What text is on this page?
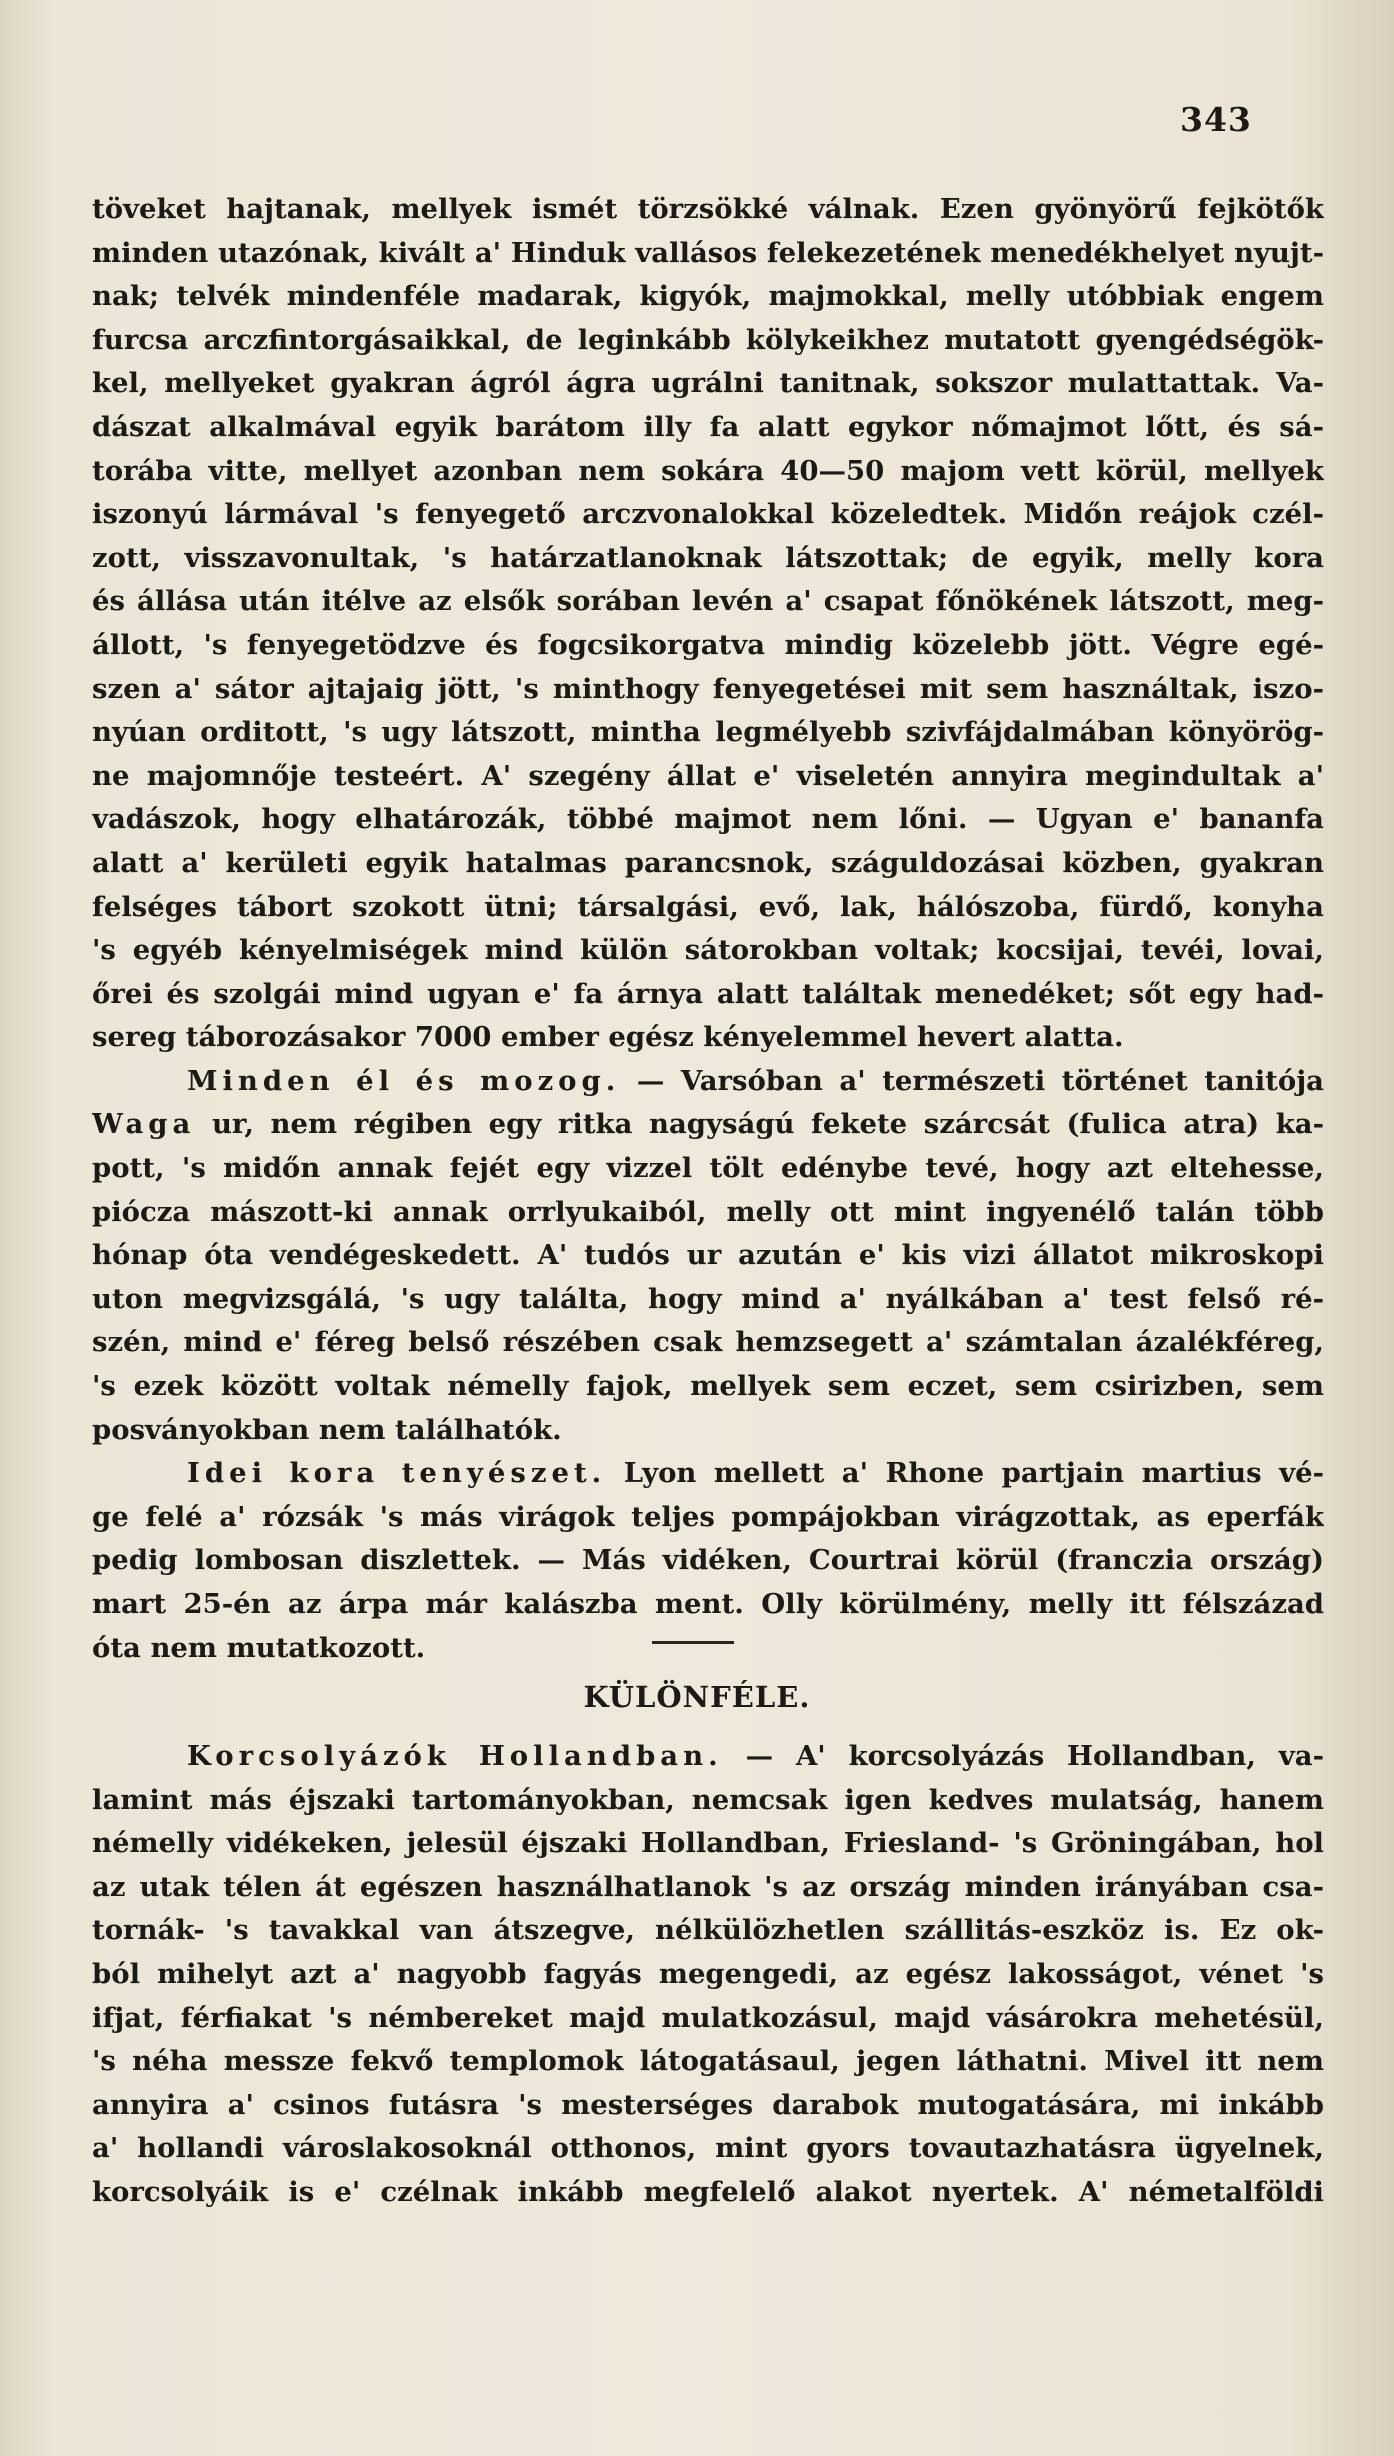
343
töveket hajtanak, mellyek ismét törzsökké válnak. Ezen gyönyörű fejkötők
minden utazónak, kivált a' Hinduk vallásos felekezetének menedékhelyet nyujt-
nak; telvék mindenféle madarak, kigyók, majmokkal, melly utóbbiak engem
furcsa arczfintorgásaikkal, de leginkább kölykeikhez mutatott gyengédségök-
kel, mellyeket gyakran ágról ágra ugrálni tanitnak, sokszor mulattattak. Va-
dászat alkalmával egyik barátom illy fa alatt egykor nőmajmot lőtt, és sá-
torába vitte, mellyet azonban nem sokára 40—50 majom vett körül, mellyek
iszonyú lármával 's fenyegető arczvonalokkal közeledtek. Midőn reájok czél-
zott, visszavonultak, 's határzatlanoknak látszottak; de egyik, melly kora
és állása után itélve az elsők sorában levén a' csapat főnökének látszott, meg-
állott, 's fenyegetödzve és fogcsikorgatva mindig közelebb jött. Végre egé-
szen a' sátor ajtajaig jött, 's minthogy fenyegetései mit sem használtak, iszo-
nyúan orditott, 's ugy látszott, mintha legmélyebb szivfájdalmában könyörög-
ne majomnője testeért. A' szegény állat e' viseletén annyira megindultak a'
vadászok, hogy elhatározák, többé majmot nem lőni. — Ugyan e' bananfa
alatt a' kerületi egyik hatalmas parancsnok, száguldozásai közben, gyakran
felséges tábort szokott ütni; társalgási, evő, lak, hálószoba, fürdő, konyha
's egyéb kényelmiségek mind külön sátorokban voltak; kocsijai, tevéi, lovai,
őrei és szolgái mind ugyan e' fa árnya alatt találtak menedéket; sőt egy had-
sereg táborozásakor 7000 ember egész kényelemmel hevert alatta.
Minden él és mozog. — Varsóban a' természeti történet tanitója
Waga ur, nem régiben egy ritka nagyságú fekete szárcsát (fulica atra) ka-
pott, 's midőn annak fejét egy vizzel tölt edénybe tevé, hogy azt eltehesse,
piócza mászott-ki annak orrlyukaiból, melly ott mint ingyenélő talán több
hónap óta vendégeskedett. A' tudós ur azután e' kis vizi állatot mikroskopi
uton megvizsgálá, 's ugy találta, hogy mind a' nyálkában a' test felső ré-
szén, mind e' féreg belső részében csak hemzsegett a' számtalan ázalékféreg,
's ezek között voltak némelly fajok, mellyek sem eczet, sem csirizben, sem
posványokban nem találhatók.
Idei kora tenyészet. Lyon mellett a' Rhone partjain martius vé-
ge felé a' rózsák 's más virágok teljes pompájokban virágzottak, as eperfák
pedig lombosan diszlettek. — Más vidéken, Courtrai körül (franczia ország)
mart 25-én az árpa már kalászba ment. Olly körülmény, melly itt félszázad
óta nem mutatkozott.
KÜLÖNFÉLE.
Korcsolyázók Hollandban. — A' korcsolyázás Hollandban, va-
lamint más éjszaki tartományokban, nemcsak igen kedves mulatság, hanem
némelly vidékeken, jelesül éjszaki Hollandban, Friesland- 's Gröningában, hol
az utak télen át egészen használhatlanok 's az ország minden irányában csa-
tornák- 's tavakkal van átszegve, nélkülözhetlen szállitás-eszköz is. Ez ok-
ból mihelyt azt a' nagyobb fagyás megengedi, az egész lakosságot, vénet 's
ifjat, férfiakat 's némbereket majd mulatkozásul, majd vásárokra mehetésül,
's néha messze fekvő templomok látogatásaul, jegen láthatni. Mivel itt nem
annyira a' csinos futásra 's mesterséges darabok mutogatására, mi inkább
a' hollandi városlakosoknál otthonos, mint gyors tovautazhatásra ügyelnek,
korcsolyáik is e' czélnak inkább megfelelő alakot nyertek. A' németalföldi
